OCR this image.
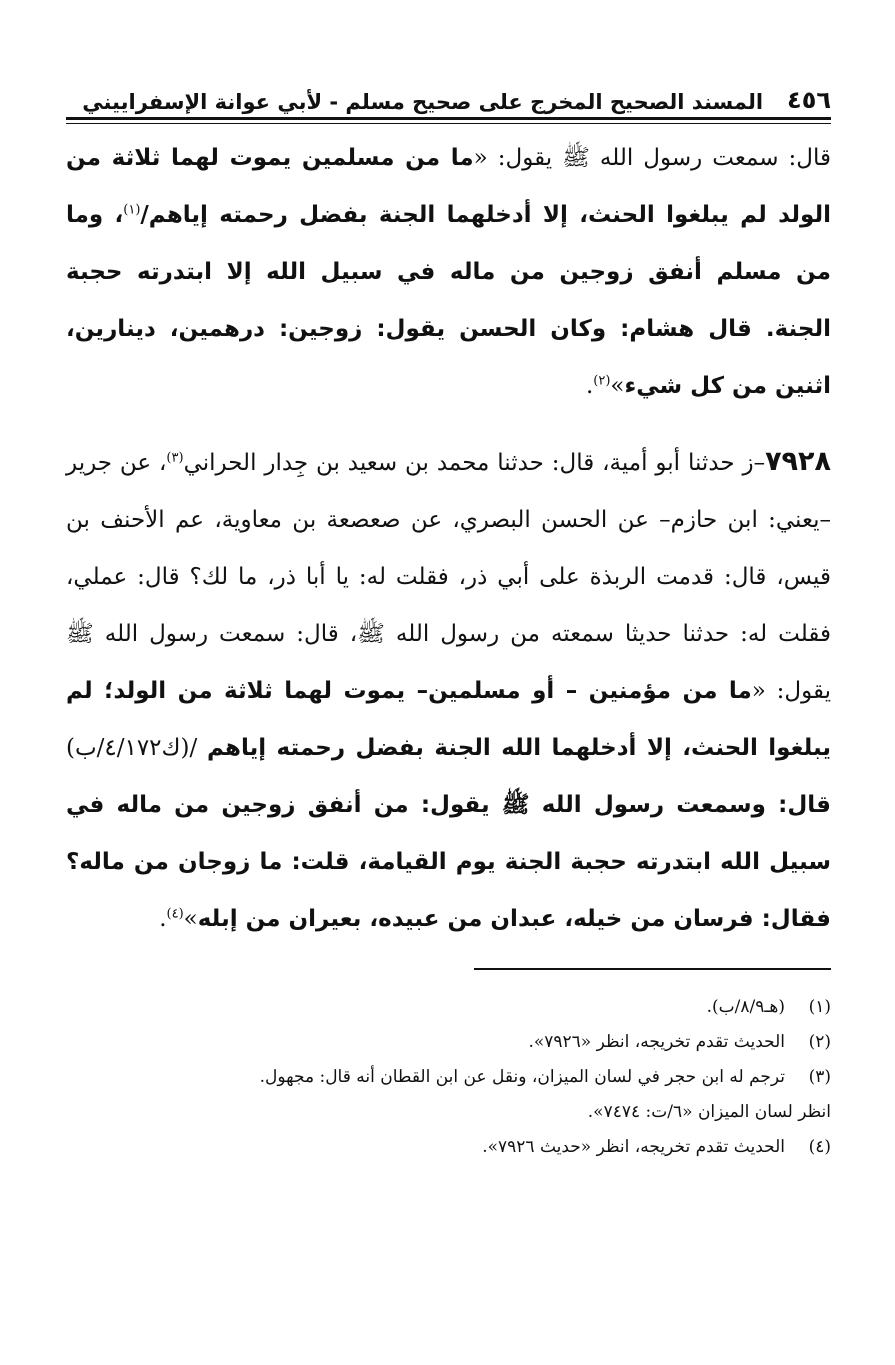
٤٥٦
المسند الصحيح المخرج على صحيح مسلم - لأبي عوانة الإسفراييني

قال: سمعت رسول الله ﷺ يقول: «ما من مسلمين يموت لهما ثلاثة من الولد لم يبلغوا الحنث، إلا أدخلهما الجنة بفضل رحمته إياهم/$^{(١)}$، وما من مسلم أنفق زوجين من ماله في سبيل الله إلا ابتدرته حجبة الجنة. قال هشام: وكان الحسن يقول: زوجين: درهمين، دينارين، اثنين من كل شيء»$^{(٢)}$.

٧٩٢٨–ز حدثنا أبو أمية، قال: حدثنا محمد بن سعيد بن جِدار الحراني$^{(٣)}$، عن جرير –يعني: ابن حازم– عن الحسن البصري، عن صعصعة بن معاوية، عم الأحنف بن قيس، قال: قدمت الربذة على أبي ذر، فقلت له: يا أبا ذر، ما لك؟ قال: عملي، فقلت له: حدثنا حديثا سمعته من رسول الله ﷺ، قال: سمعت رسول الله ﷺ يقول: «ما من مؤمنين – أو مسلمين– يموت لهما ثلاثة من الولد؛ لم يبلغوا الحنث، إلا أدخلهما الله الجنة بفضل رحمته إياهم /(ك٤/١٧٢/ب) قال: وسمعت رسول الله ﷺ يقول: من أنفق زوجين من ماله في سبيل الله ابتدرته حجبة الجنة يوم القيامة، قلت: ما زوجان من ماله؟ فقال: فرسان من خيله، عبدان من عبيده، بعيران من إبله»$^{(٤)}$.

(١)
(هـ٨/٩/ب).
(٢)
الحديث تقدم تخريجه، انظر «٧٩٢٦».
(٣)
ترجم له ابن حجر في لسان الميزان، ونقل عن ابن القطان أنه قال: مجهول.
انظر لسان الميزان «٦/ت: ٧٤٧٤».
(٤)
الحديث تقدم تخريجه، انظر «حديث ٧٩٢٦».
